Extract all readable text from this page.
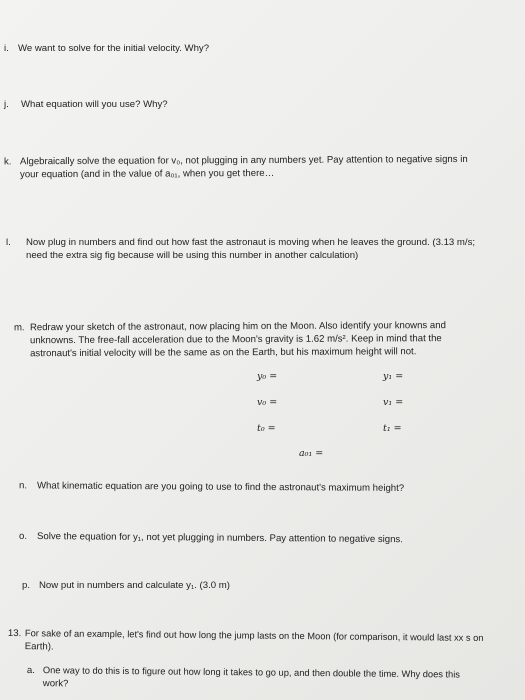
i. We want to solve for the initial velocity. Why?
j. What equation will you use? Why?
k. Algebraically solve the equation for v₀, not plugging in any numbers yet. Pay attention to negative signs in
your equation (and in the value of a₀₁, when you get there…
l. Now plug in numbers and find out how fast the astronaut is moving when he leaves the ground. (3.13 m/s;
need the extra sig fig because will be using this number in another calculation)
m. Redraw your sketch of the astronaut, now placing him on the Moon. Also identify your knowns and
unknowns. The free-fall acceleration due to the Moon's gravity is 1.62 m/s². Keep in mind that the
astronaut's initial velocity will be the same as on the Earth, but his maximum height will not.
y₀ =	y₁ =
v₀ =	v₁ =
t₀ =	t₁ =
a₀₁ =
n. What kinematic equation are you going to use to find the astronaut's maximum height?
o. Solve the equation for y₁, not yet plugging in numbers. Pay attention to negative signs.
p. Now put in numbers and calculate y₁. (3.0 m)
13. For sake of an example, let's find out how long the jump lasts on the Moon (for comparison, it would last xx s on
Earth).
a. One way to do this is to figure out how long it takes to go up, and then double the time. Why does this
work?
